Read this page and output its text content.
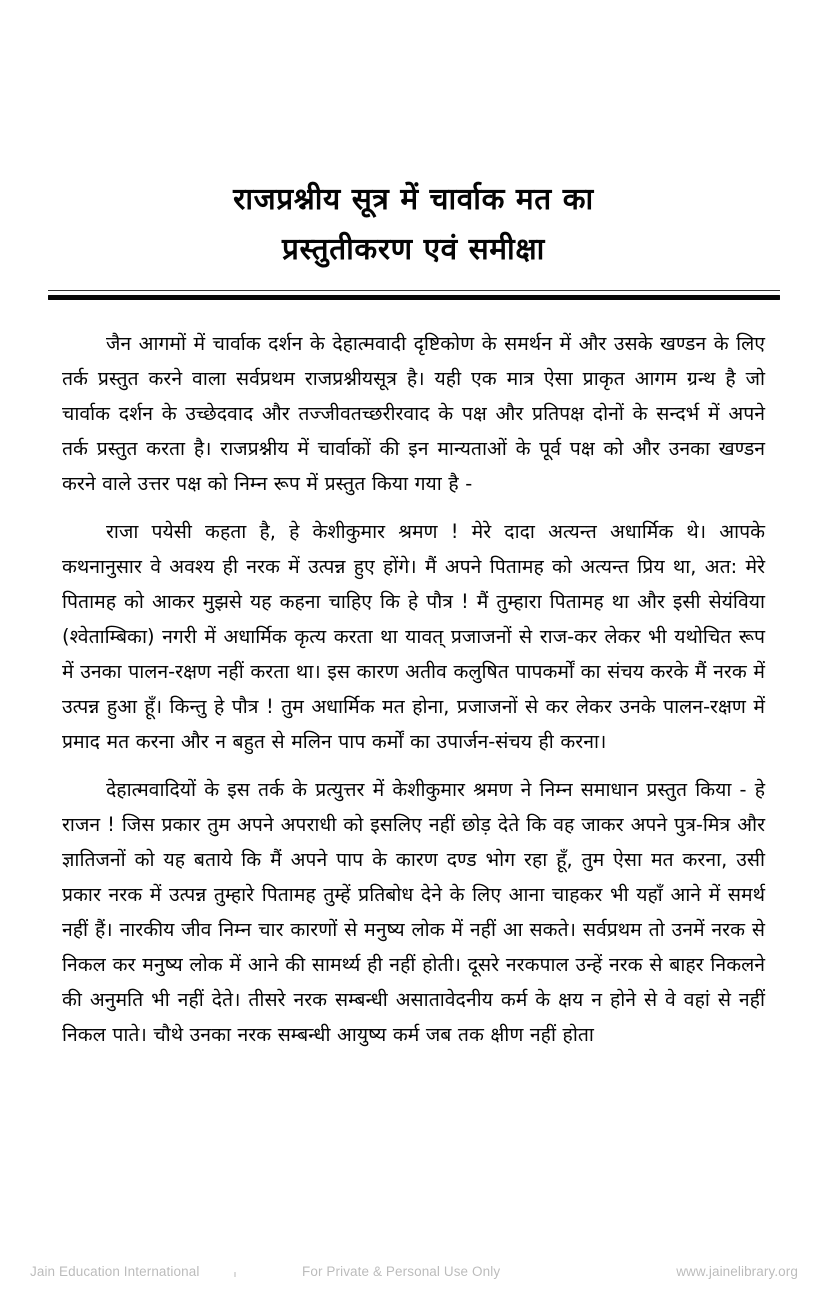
राजप्रश्नीय सूत्र में चार्वाक मत का
प्रस्तुतीकरण एवं समीक्षा

जैन आगमों में चार्वाक दर्शन के देहात्मवादी दृष्टिकोण के समर्थन में और उसके खण्डन के लिए तर्क प्रस्तुत करने वाला सर्वप्रथम राजप्रश्नीयसूत्र है। यही एक मात्र ऐसा प्राकृत आगम ग्रन्थ है जो चार्वाक दर्शन के उच्छेदवाद और तज्जीवतच्छरीरवाद के पक्ष और प्रतिपक्ष दोनों के सन्दर्भ में अपने तर्क प्रस्तुत करता है। राजप्रश्नीय में चार्वाकों की इन मान्यताओं के पूर्व पक्ष को और उनका खण्डन करने वाले उत्तर पक्ष को निम्न रूप में प्रस्तुत किया गया है -

राजा पयेसी कहता है, हे केशीकुमार श्रमण ! मेरे दादा अत्यन्त अधार्मिक थे। आपके कथनानुसार वे अवश्य ही नरक में उत्पन्न हुए होंगे। मैं अपने पितामह को अत्यन्त प्रिय था, अत: मेरे पितामह को आकर मुझसे यह कहना चाहिए कि हे पौत्र ! मैं तुम्हारा पितामह था और इसी सेयंविया (श्वेताम्बिका) नगरी में अधार्मिक कृत्य करता था यावत् प्रजाजनों से राज-कर लेकर भी यथोचित रूप में उनका पालन-रक्षण नहीं करता था। इस कारण अतीव कलुषित पापकर्मों का संचय करके मैं नरक में उत्पन्न हुआ हूँ। किन्तु हे पौत्र ! तुम अधार्मिक मत होना, प्रजाजनों से कर लेकर उनके पालन-रक्षण में प्रमाद मत करना और न बहुत से मलिन पाप कर्मों का उपार्जन-संचय ही करना।

देहात्मवादियों के इस तर्क के प्रत्युत्तर में केशीकुमार श्रमण ने निम्न समाधान प्रस्तुत किया - हे राजन ! जिस प्रकार तुम अपने अपराधी को इसलिए नहीं छोड़ देते कि वह जाकर अपने पुत्र-मित्र और ज्ञातिजनों को यह बताये कि मैं अपने पाप के कारण दण्ड भोग रहा हूँ, तुम ऐसा मत करना, उसी प्रकार नरक में उत्पन्न तुम्हारे पितामह तुम्हें प्रतिबोध देने के लिए आना चाहकर भी यहाँ आने में समर्थ नहीं हैं। नारकीय जीव निम्न चार कारणों से मनुष्य लोक में नहीं आ सकते। सर्वप्रथम तो उनमें नरक से निकल कर मनुष्य लोक में आने की सामर्थ्य ही नहीं होती। दूसरे नरकपाल उन्हें नरक से बाहर निकलने की अनुमति भी नहीं देते। तीसरे नरक सम्बन्धी असातावेदनीय कर्म के क्षय न होने से वे वहां से नहीं निकल पाते। चौथे उनका नरक सम्बन्धी आयुष्य कर्म जब तक क्षीण नहीं होता

Jain Education International	For Private & Personal Use Only	www.jainelibrary.org
